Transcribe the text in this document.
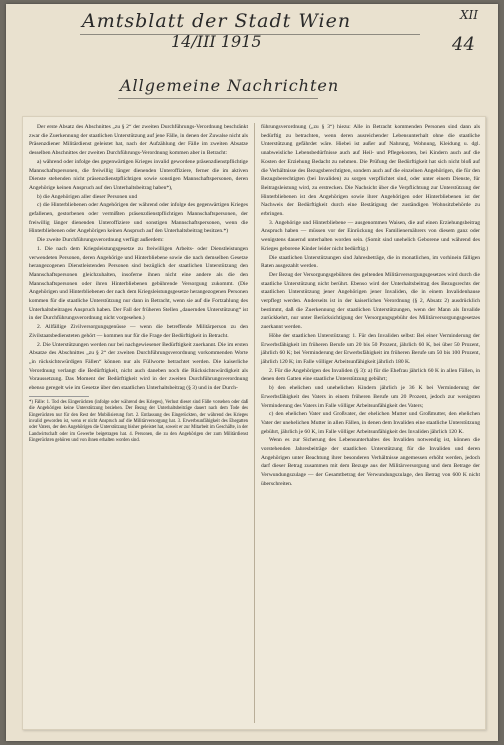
Amtsblatt der Stadt Wien	XII
14/III 1915	44
Allgemeine Nachrichten

Der erste Absatz des Abschnittes „zu § 2“ der zweiten Durchführungs-Verordnung beschränkt zwar die Zuerkennung der staatlichen Unterstützung auf jene Fälle, in denen der Zuwalse nicht als Präsenzdiener Militärdienst geleistet hat, nach der Aufzählung der Fälle im zweiten Absatze desselben Abschnittes der zweiten Durchführungs-Verordnung kommen aber in Betracht:

a) während oder infolge des gegenwärtigen Krieges invalid gewordene präsenzdienstpflichtige Mannschaftspersonen, die freiwillig länger dienenden Unteroffiziere, ferner die im aktiven Dienste stehenden nicht präsenzdienstpflichtigen sowie sonstigen Mannschaftspersonen, deren Angehörige keinen Anspruch auf den Unterhaltsbeitrag haben*),

b) die Angehörigen aller dieser Personen und

c) die Hinterbliebenen oder Angehörigen der während oder infolge des gegenwärtigen Krieges gefallenen, gestorbenen oder vermißten präsenzdienstpflichtigen Mannschaftspersonen, der freiwillig länger dienenden Unteroffiziere und sonstigen Mannschaftspersonen, wenn die Hinterbliebenen oder Angehörigen keinen Anspruch auf den Unterhaltsbeitrag besitzen.*)

Die zweite Durchführungsverordnung verfügt außerdem:

1. Die nach dem Kriegsleistungsgesetze zu freiwilligen Arbeits- oder Dienstleistungen verwendeten Personen, deren Angehörige und Hinterbliebene sowie die nach demselben Gesetze herangezogenen Dienstleistenden Personen sind bezüglich der staatlichen Unterstützung den Mannschaftspersonen gleichzuhalten, insoferne ihnen nicht eine andere als die den Mannschaftspersonen oder ihren Hinterbliebenen gebührende Versorgung zukommt. (Die Angehörigen und Hinterbliebenen der nach dem Kriegsleistungsgesetze herangezogenen Personen kommen für die staatliche Unterstützung nur dann in Betracht, wenn sie auf die Fortzahlung des Unterhaltsbeitrages Anspruch haben. Der Fall der früheren Stellen „dauernden Unterstützung“ ist in der Durchführungsverordnung nicht vorgesehen.)

2. Allfällige Zivilversorgungsgenüsse — wenn die betreffende Militärperson zu den Zivilstaatsbediensteten gehört — kommen nur für die Frage der Bedürftigkeit in Betracht.

2. Die Unterstützungen werden nur bei nachgewiesener Bedürftigkeit zuerkannt. Die im ersten Absatze des Abschnittes „zu § 2“ der zweiten Durchführungsverordnung vorkommenden Worte „in rücksichtswürdigen Fällen“ können nur als Füllworte betrachtet werden. Die kaiserliche Verordnung verlangt die Bedürftigkeit, nicht auch daneben noch die Rücksichtswürdigkeit als Voraussetzung. Das Moment der Bedürftigkeit wird in der zweiten Durchführungsverordnung ebenso geregelt wie im Gesetze über den staatlichen Unterhaltsbeitrag (§ 3) und in der Durch-

*) Fälle: 1. Tod des Eingerückten (infolge oder während des Krieges), Verlust dieser sind Fälle vorsehen oder daß die Angehörigen keine Unterstützung beziehen. Der Bezug der Unterhaltsbeiträge dauert nach dem Tode des Eingerückten nur für den Rest der Mobilisierung fort. 2. Entlassung des Eingerückten, der während des Krieges invalid geworden ist, wenn er nicht Anspruch auf die Militärversorgung hat. 3. Erwerbsunfähigkeit des Ehegatten oder Vaters, der den Angehörigen die Unterstützung bisher geleistet hat, soweit er zur Mitarbeit im Geschäfte, in der Landwirtschaft oder im Gewerbe beigetragen hat. 4. Personen, die zu den Angehörigen der zum Militärdienst Eingerückten gehören und von ihnen erhalten worden sind.

führungsverordnung („zu § 3“) hiezu: Alle in Betracht kommenden Personen sind dann als bedürftig zu betrachten, wenn deren ausreichender Lebensunterhalt ohne die staatliche Unterstützung gefährdet wäre. Hiebei ist außer auf Nahrung, Wohnung, Kleidung u. dgl. unabweisliche Lebensbedürfnisse auch auf Heil- und Pflegekosten, bei Kindern auch auf die Kosten der Erziehung Bedacht zu nehmen. Die Prüfung der Bedürftigkeit hat sich nicht bloß auf die Verhältnisse des Bezugsberechtigten, sondern auch auf die einzelnen Angehörigen, die für den Bezugsberechtigten (bei Invaliden) zu sorgen verpflichtet sind, oder unter einem Dienste, für Beitragsleistung wird, zu erstrecken. Die Nachsicht über die Verpflichtung zur Unterstützung der Hinterbliebenen ist den Angehörigen sowie ihrer Angehörigen oder Hinterbliebenen ist der Nachweis der Bedürftigkeit durch eine Bestätigung der zuständigen Wohnsitzbehörde zu erbringen.

3. Angehörige und Hinterbliebene — ausgenommen Waisen, die auf einen Erziehungsbeitrag Anspruch haben — müssen vor der Einrückung des Familienernährers von diesem ganz oder wenigstens dauernd unterhalten worden sein. (Somit sind unehelich Geborene und während des Krieges geborene Kinder leider nicht bedürftig.)

Die staatlichen Unterstützungen sind Jahresbeträge, die in monatlichen, im vorhinein fälligen Raten ausgezahlt werden.

Der Bezug der Versorgungsgebühren des geltenden Militärversorgungsgesetzes wird durch die staatliche Unterstützung nicht berührt. Ebenso wird der Unterhaltsbeitrag des Bezugsrechts der staatlichen Unterstützung jener Angehörigen jener Invaliden, die in einem Invalidenhause verpflegt werden. Anderseits ist in der kaiserlichen Verordnung (§ 2, Absatz 2) ausdrücklich bestimmt, daß die Zuerkennung der staatlichen Unterstützungen, wenn der Mann als Invalide zurückkehrt, nur unter Berücksichtigung der Versorgungsgebühr des Militärversorgungsgesetzes zuerkannt werden.

Höhe der staatlichen Unterstützung: 1. Für den Invaliden selbst: Bei einer Verminderung der Erwerbsfähigkeit im früheren Berufe um 20 bis 50 Prozent, jährlich 60 K, bei über 50 Prozent, jährlich 60 K; bei Verminderung der Erwerbsfähigkeit im früheren Berufe um 50 bis 100 Prozent, jährlich 120 K; im Falle völliger Arbeitsunfähigkeit jährlich 180 K.

2. Für die Angehörigen des Invaliden (§ 3): a) für die Ehefrau jährlich 60 K in allen Fällen, in denen dem Gatten eine staatliche Unterstützung gebührt;

b) den ehelichen und unehelichen Kindern jährlich je 36 K bei Verminderung der Erwerbsfähigkeit des Vaters in einem früheren Berufe um 20 Prozent, jedoch zur wenigsten Verminderung des Vaters im Falle völliger Arbeitsunfähigkeit des Vaters;

c) den ehelichen Vater und Großvater, der ehelichen Mutter und Großmutter, den ehelichen Vater der unehelichen Mutter in allen Fällen, in denen dem Invaliden eine staatliche Unterstützung gebührt, jährlich je 60 K, im Falle völliger Arbeitsunfähigkeit des Invaliden jährlich 120 K.

Wenn es zur Sicherung des Lebensunterhaltes des Invaliden notwendig ist, können die vorstehenden Jahresbeiträge der staatlichen Unterstützung für die Invaliden und deren Angehörigen unter Beachtung ihrer besonderen Verhältnisse angemessen erhöht werden, jedoch darf dieser Betrag zusammen mit dem Bezuge aus der Militärversorgung und dem Betrage der Verwundungszulage — der Gesamtbetrag der Verwundungszulage, den Betrag von 600 K nicht überschreiten.
